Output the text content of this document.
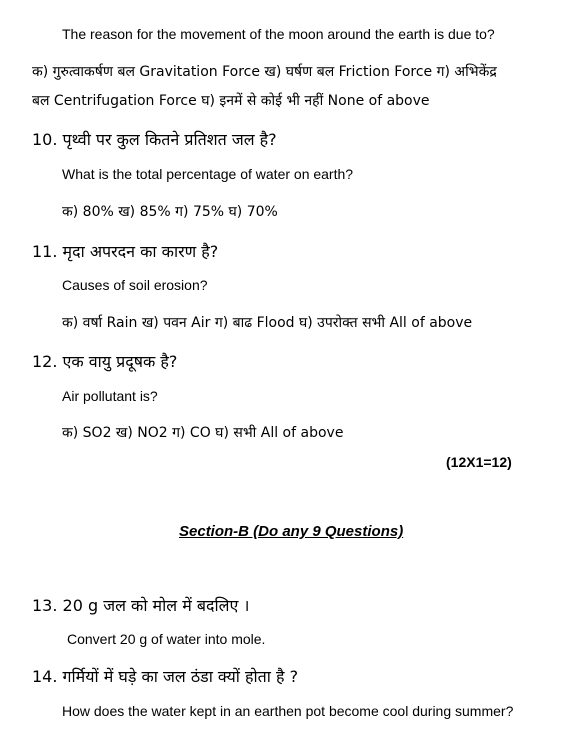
The reason for the movement of the moon around the earth is due to?
क) गुरुत्वाकर्षण बल Gravitation Force ख) घर्षण बल Friction Force ग) अभिकेंद्र
बल Centrifugation Force घ) इनमें से कोई भी नहीं None of above
10. पृथ्वी पर कुल कितने प्रतिशत जल है?
What is the total percentage of water on earth?
क) 80% ख) 85% ग) 75% घ) 70%
11. मृदा अपरदन का कारण है?
Causes of soil erosion?
क) वर्षा Rain ख) पवन Air ग) बाढ Flood घ) उपरोक्त सभी All of above
12. एक वायु प्रदूषक है?
Air pollutant is?
क) SO2 ख) NO2 ग) CO घ) सभी All of above
(12X1=12)
Section-B (Do any 9 Questions)
13. 20 g जल को मोल में बदलिए ।
Convert 20 g of water into mole.
14. गर्मियों में घड़े का जल ठंडा क्यों होता है ?
How does the water kept in an earthen pot become cool during summer?
